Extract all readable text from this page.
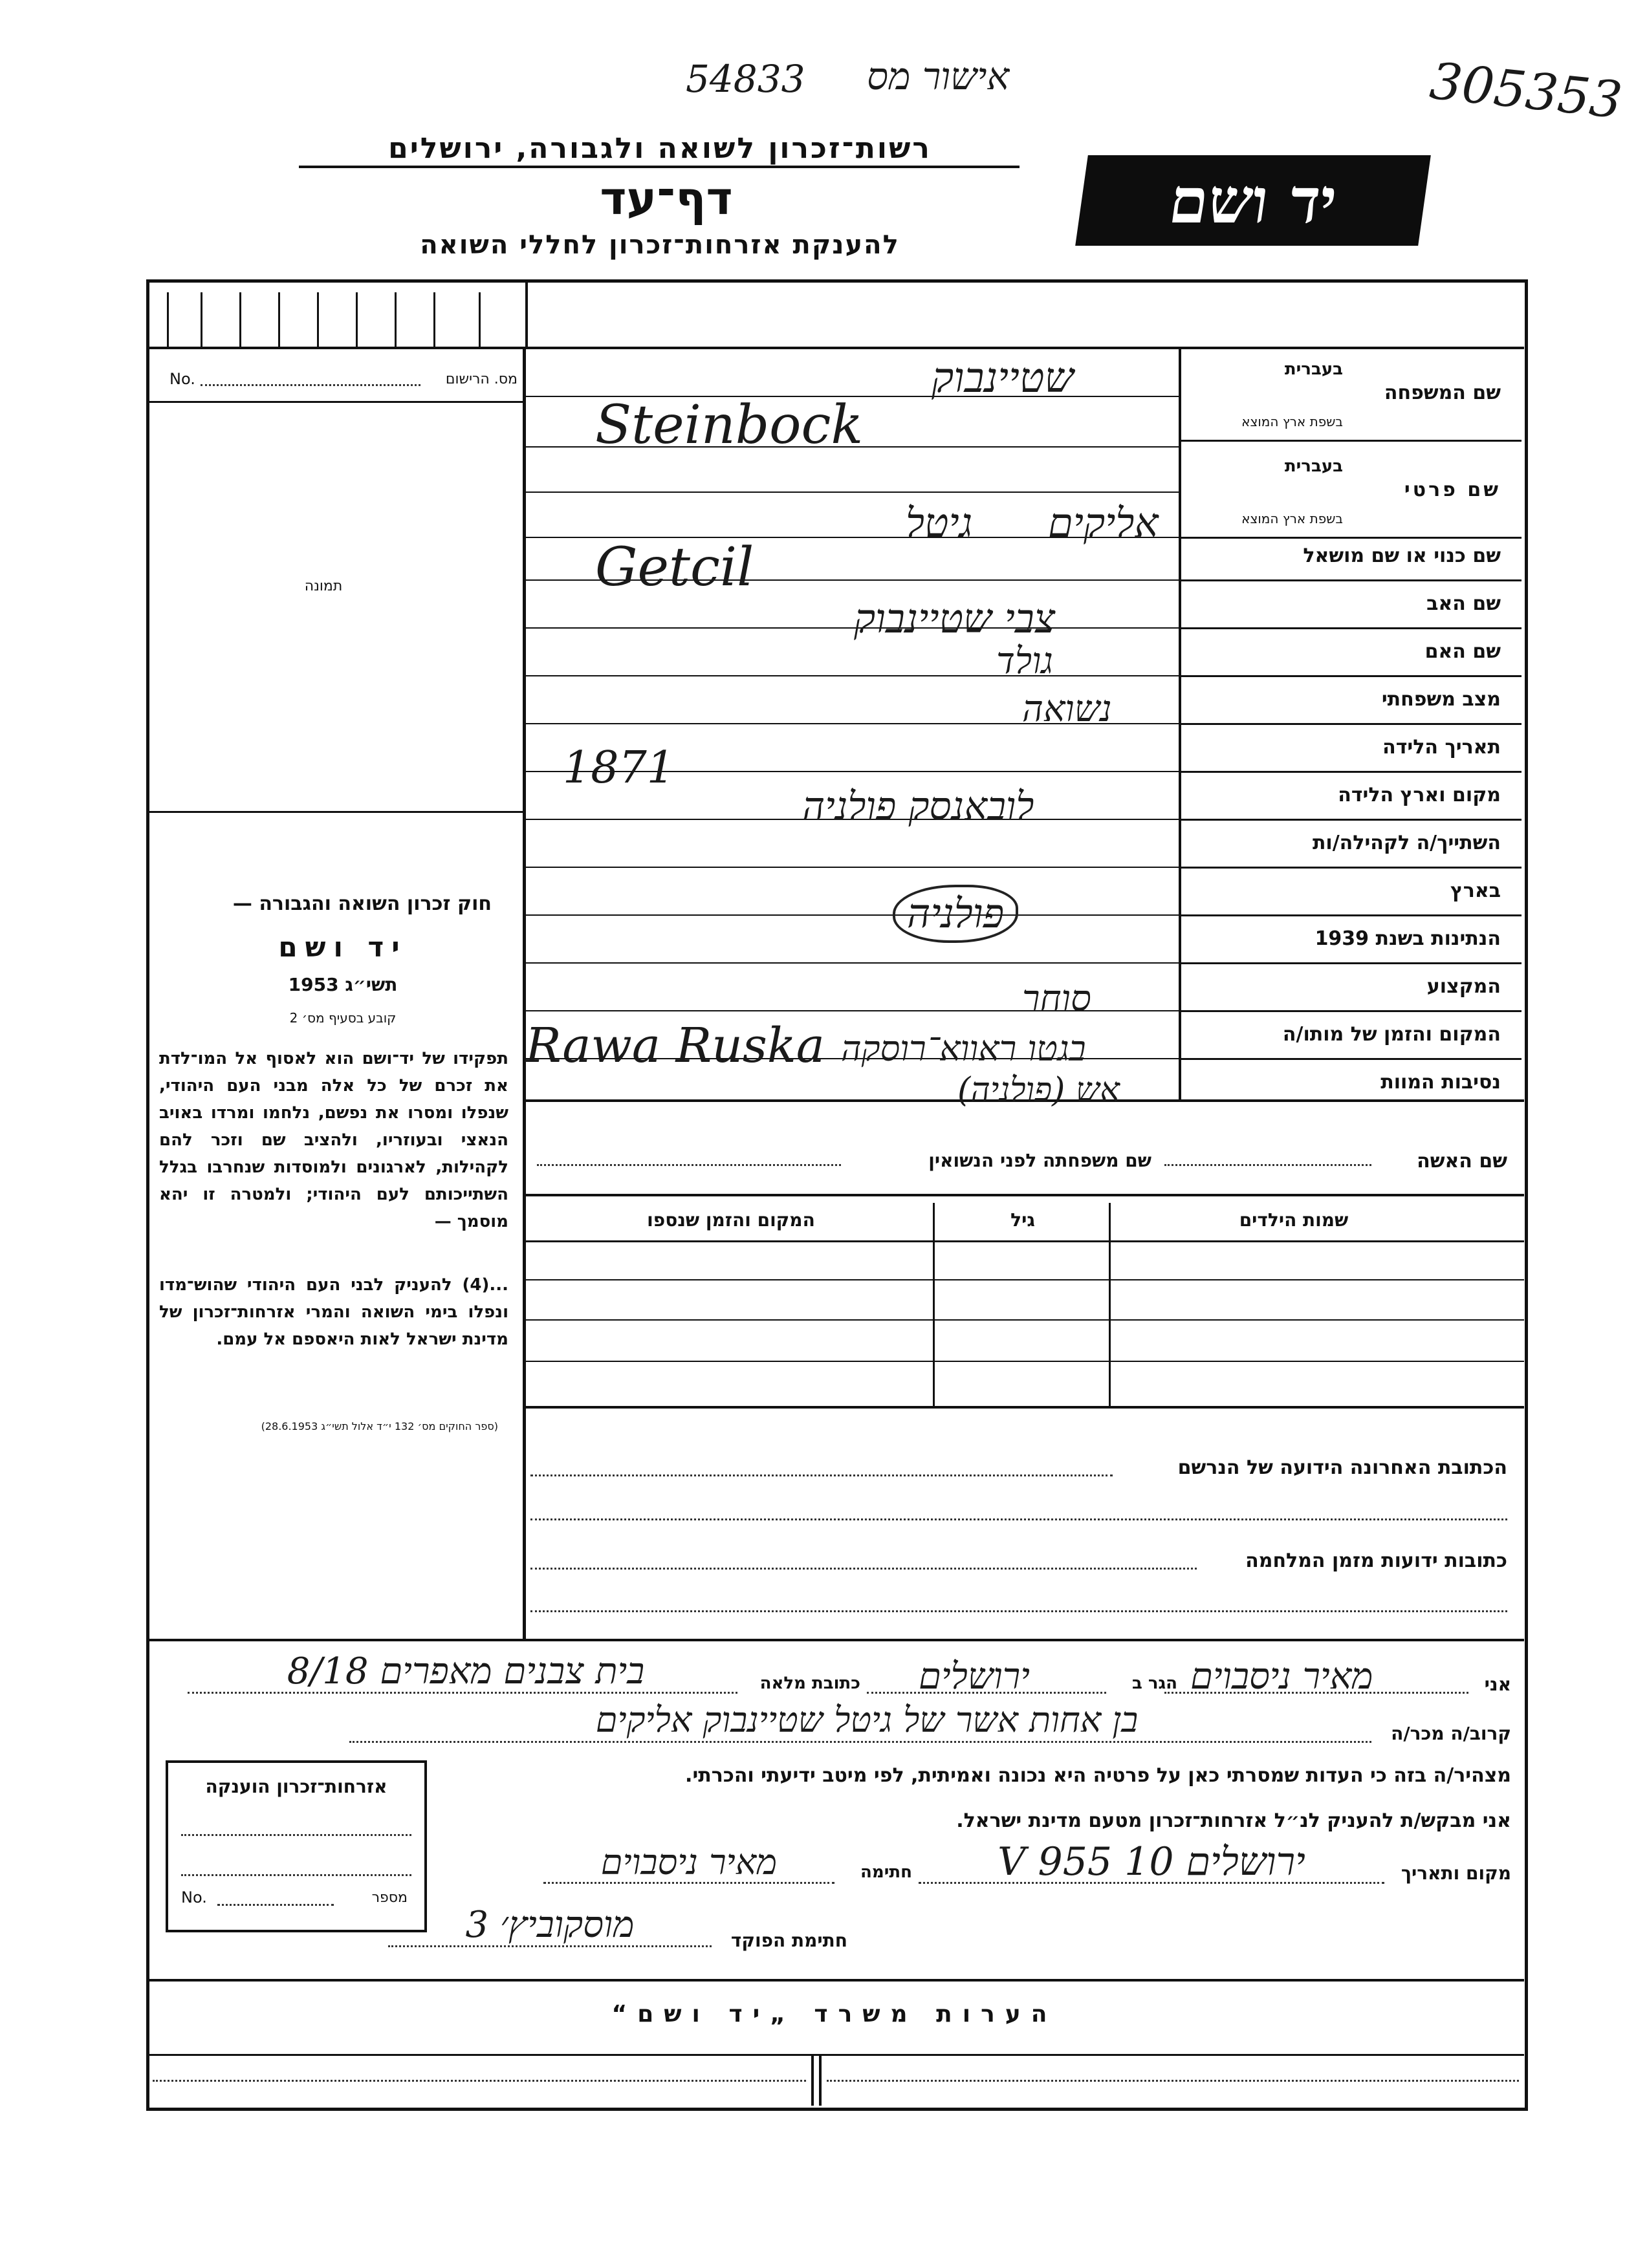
54833 אישור מס	305353
יד ושם
רשות־זכרון לשואה ולגבורה, ירושלים
דף־עד
להענקת אזרחות־זכרון לחללי השואה
מס. הרישום
No.
תמונה
חוק זכרון השואה והגבורה —
יד ושם
תשי״ג 1953
קובע בסעיף מס׳ 2
תפקידו של יד־ושם הוא לאסוף אל המו־לדת את זכרם של כל אלה מבני העם היהודי, שנפלו ומסרו את נפשם, נלחמו ומרדו באויב הנאצי ובעוזריו, ולהציב שם וזכר להם לקהילות, לארגונים ולמוסדות שנחרבו בגלל השתייכותם לעם היהודי; ולמטרה זו יהא מוסמך —
...(4) להעניק לבני העם היהודי שהוש־מדו ונפלו בימי השואה והמרי אזרחות־זכרון של מדינת ישראל לאות היאספם אל עמם.
(ספר החוקים מס׳ 132 י״ד אלול תשי״ג 28.6.1953)
שם המשפחה
בעברית
בשפת ארץ המוצא
שם פרטי
בעברית
בשפת ארץ המוצא
שם כנוי או שם מושאל
שם האב
שם האם
מצב משפחתי
תאריך הלידה
מקום וארץ הלידה
השתייך/ה לקהילה/ות
בארץ
הנתינות בשנת 1939
המקצוע
המקום והזמן של מותו/ה
נסיבות המוות
שטיינבוק
Steinbock
גיטל אליקים
Getcil
צבי שטיינבוק
גולד
נשואה
1871
לובאנסק פולניה
פולניה
סוחר
Rawa Ruska בגטו ראווא־רוסקה
אש (פולניה)
שם האשה
שם משפחתה לפני הנשואין
שמות הילדים
גיל
המקום והזמן שנספו
הכתובת האחרונה הידועה של הנרשם
כתובות ידועות מזמן המלחמה
אני
מאיר ניסבוים
הגר ב
ירושלים
כתובת מלאה
בית צבנים מאפרים 8/18
קרוב/ה מכר/ה
בן אחות אשר של גיטל שטיינבוק אליקים
מצהיר/ה בזה כי העדות שמסרתי כאן על פרטיה היא נכונה ואמיתית, לפי מיטב ידיעתי והכרתי.
אני מבקש/ת להעניק לנ״ל אזרחות־זכרון מטעם מדינת ישראל.
מקום ותאריך
ירושלים 10 V 955
חתימה
מאיר ניסבוים
חתימת הפוקד
מוסקוביץ׳ 3
אזרחות־זכרון הוענקה
מספר
No.
הערות משרד „יד ושם“
